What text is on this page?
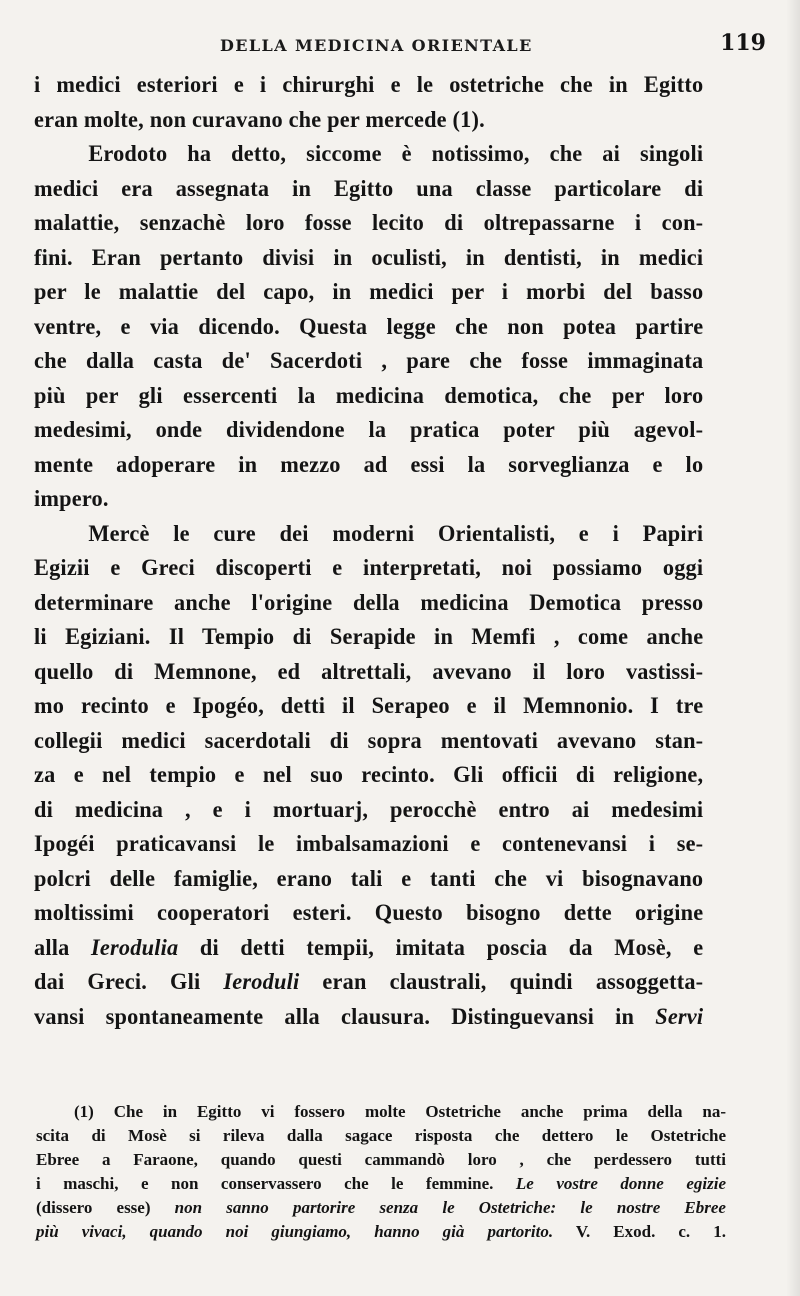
DELLA MEDICINA ORIENTALE	119
i medici esteriori e i chirurghi e le ostetriche che in Egitto
eran molte, non curavano che per mercede (1).
Erodoto ha detto, siccome è notissimo, che ai singoli
medici era assegnata in Egitto una classe particolare di
malattie, senzachè loro fosse lecito di oltrepassarne i con-
fini. Eran pertanto divisi in oculisti, in dentisti, in medici
per le malattie del capo, in medici per i morbi del basso
ventre, e via dicendo. Questa legge che non potea partire
che dalla casta de' Sacerdoti , pare che fosse immaginata
più per gli essercenti la medicina demotica, che per loro
medesimi, onde dividendone la pratica poter più agevol-
mente adoperare in mezzo ad essi la sorveglianza e lo
impero.
Mercè le cure dei moderni Orientalisti, e i Papiri
Egizii e Greci discoperti e interpretati, noi possiamo oggi
determinare anche l'origine della medicina Demotica presso
li Egiziani. Il Tempio di Serapide in Memfi , come anche
quello di Memnone, ed altrettali, avevano il loro vastissi-
mo recinto e Ipogéo, detti il Serapeo e il Memnonio. I tre
collegii medici sacerdotali di sopra mentovati avevano stan-
za e nel tempio e nel suo recinto. Gli officii di religione,
di medicina , e i mortuarj, perocchè entro ai medesimi
Ipogéi praticavansi le imbalsamazioni e contenevansi i se-
polcri delle famiglie, erano tali e tanti che vi bisognavano
moltissimi cooperatori esteri. Questo bisogno dette origine
alla Ierodulia di detti tempii, imitata poscia da Mosè, e
dai Greci. Gli Ieroduli eran claustrali, quindi assoggetta-
vansi spontaneamente alla clausura. Distinguevansi in Servi
(1) Che in Egitto vi fossero molte Ostetriche anche prima della na-
scita di Mosè si rileva dalla sagace risposta che dettero le Ostetriche
Ebree a Faraone, quando questi cammandò loro , che perdessero tutti
i maschi, e non conservassero che le femmine. Le vostre donne egizie
(dissero esse) non sanno partorire senza le Ostetriche: le nostre Ebree
più vivaci, quando noi giungiamo, hanno già partorito. V. Exod. c. 1.
